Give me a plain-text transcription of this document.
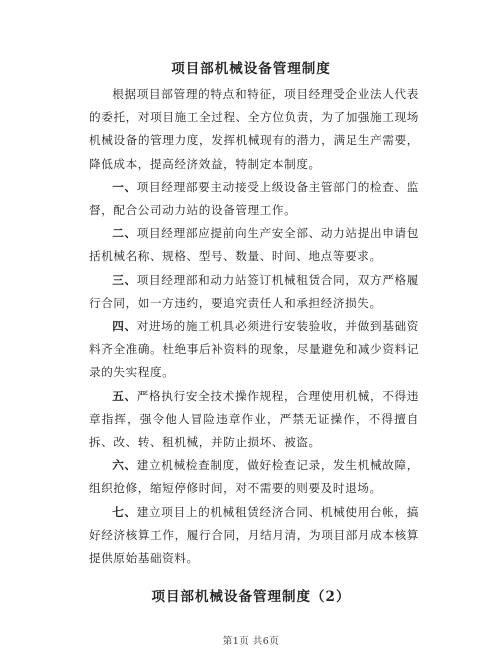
项目部机械设备管理制度

根据项目部管理的特点和特征，项目经理受企业法人代表的委托，对项目施工全过程、全方位负责，为了加强施工现场机械设备的管理力度，发挥机械现有的潜力，满足生产需要，降低成本，提高经济效益，特制定本制度。

一、项目经理部要主动接受上级设备主管部门的检查、监督，配合公司动力站的设备管理工作。

二、项目经理部应提前向生产安全部、动力站提出申请包括机械名称、规格、型号、数量、时间、地点等要求。

三、项目经理部和动力站签订机械租赁合同，双方严格履行合同，如一方违约，要追究责任人和承担经济损失。

四、对进场的施工机具必须进行安装验收，并做到基础资料齐全准确。杜绝事后补资料的现象，尽量避免和减少资料记录的失实程度。

五、严格执行安全技术操作规程，合理使用机械，不得违章指挥，强令他人冒险违章作业，严禁无证操作，不得擅自拆、改、转、租机械，并防止损坏、被盗。

六、建立机械检查制度，做好检查记录，发生机械故障，组织抢修，缩短停修时间，对不需要的则要及时退场。

七、建立项目上的机械租赁经济合同、机械使用台帐，搞好经济核算工作，履行合同，月结月清，为项目部月成本核算提供原始基础资料。

项目部机械设备管理制度（2）
第1页 共6页
